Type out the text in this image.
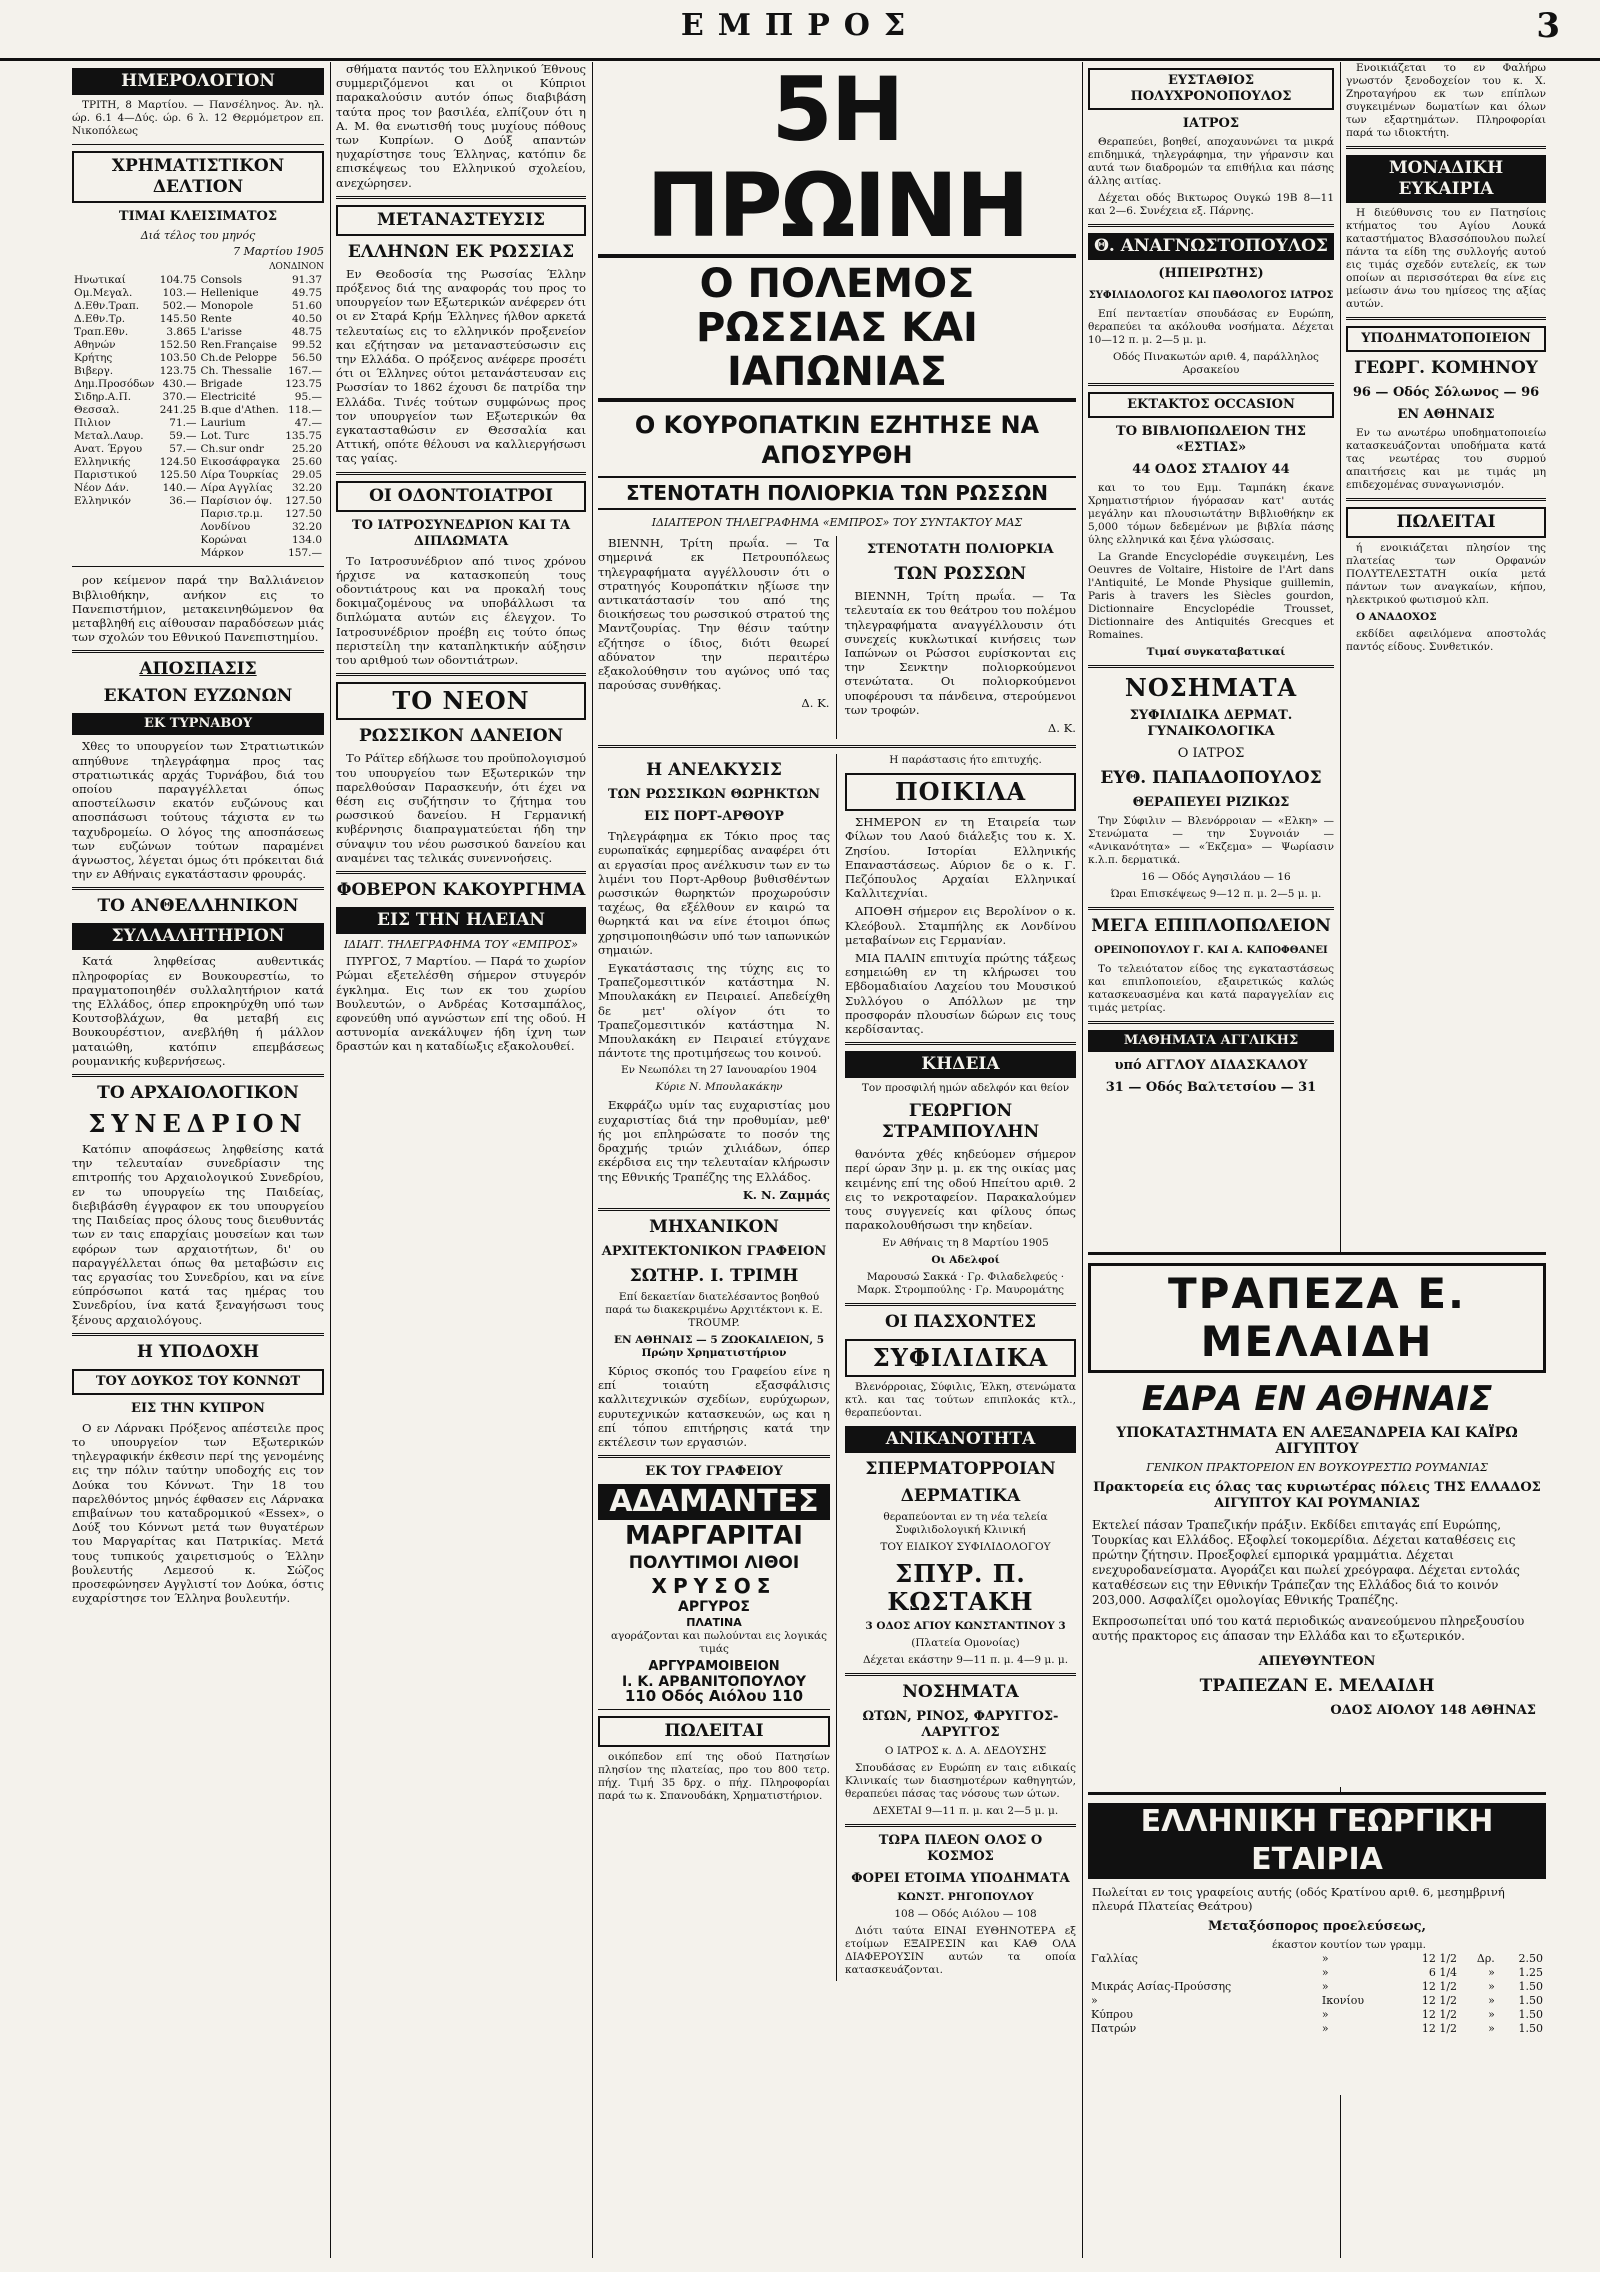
ΕΜΠΡΟΣ	3
ΗΜΕΡΟΛΟΓΙΟΝ

ΤΡΙΤΗ, 8 Μαρτίου. — Πανσέληνος. Άν. ηλ. ώρ. 6.1 4—Δύς. ώρ. 6 λ. 12 Θερμόμετρον επ. Νικοπόλεως

ΧΡΗΜΑΤΙΣΤΙΚΟΝ ΔΕΛΤΙΟΝ
ΤΙΜΑΙ ΚΛΕΙΣΙΜΑΤΟΣ
Διά τέλος του μηνός
7 Μαρτίου 1905
ΛΟΝΔΙΝΟΝ
Ηνωτικαί	104.75	Consols	91.37
Ομ.Μεγαλ.	103.—	Hellenique	49.75
Δ.Εθν.Τραπ.	502.—	Monopole	51.60
Δ.Εθν.Τρ.	145.50	Rente	40.50
Τραπ.Εθν.	3.865	L'arisse	48.75
Αθηνών	152.50	Ren.Française	99.52
Κρήτης	103.50	Ch.de Peloppe	56.50
Βιβεργ.	123.75	Ch. Thessalie	167.—
Δημ.Προσόδων	430.—	Brigade	123.75
Σιδηρ.Α.Π.	370.—	Electricité	95.—
Θεσσαλ.	241.25	B.que d'Athen.	118.—
Πιλιον	71.—	Laurium	47.—
Μεταλ.Λαυρ.	59.—	Lot. Turc	135.75
Ανατ. Έργου	57.—	Ch.sur ondr	25.20
Ελληνικής	124.50	Εικοσάφραγκα	25.60
Παριστικού	125.50	Λίρα Τουρκίας	29.05
Νέον Δάν.	140.—	Λίρα Αγγλίας	32.20
Ελληνικόν	36.—	Παρίσιον όψ.	127.50
		Παρισ.τρ.μ.	127.50
		Λονδίνου	32.20
		Κορώναι	134.0
		Μάρκον	157.—

ρον κείμενον παρά την Βαλλιάνειον Βιβλιοθήκην, ανήκον εις το Πανεπιστήμιον, μετακεινηθώμενον θα μεταβληθή εις αίθουσαν παραδόσεων μιάς των σχολών του Εθνικού Πανεπιστημίου.

ΑΠΟΣΠΑΣΙΣ
ΕΚΑΤΟΝ ΕΥΖΩΝΩΝ
ΕΚ ΤΥΡΝΑΒΟΥ

Χθες το υπουργείον των Στρατιωτικών απηύθυνε τηλεγράφημα προς τας στρατιωτικάς αρχάς Τυρνάβου, διά του οποίου παραγγέλλεται όπως αποστείλωσιν εκατόν ευζώνους και αποσπάσωσι τούτους τάχιστα εν τω ταχυδρομείω. Ο λόγος της αποσπάσεως των ευζώνων τούτων παραμένει άγνωστος, λέγεται όμως ότι πρόκειται διά την εν Αθήναις εγκατάστασιν φρουράς.

ΤΟ ΑΝΘΕΛΛΗΝΙΚΟΝ
ΣΥΛΛΑΛΗΤΗΡΙΟΝ

Κατά ληφθείσας αυθεντικάς πληροφορίας εν Βουκουρεστίω, το πραγματοποιηθέν συλλαλητήριον κατά της Ελλάδος, όπερ επροκηρύχθη υπό των Κουτσοβλάχων, θα μεταβή εις Βουκουρέστιον, ανεβλήθη ή μάλλον ματαιώθη, κατόπιν επεμβάσεως ρουμανικής κυβερνήσεως.

ΤΟ ΑΡΧΑΙΟΛΟΓΙΚΟΝ
ΣΥΝΕΔΡΙΟΝ

Κατόπιν αποφάσεως ληφθείσης κατά την τελευταίαν συνεδρίασιν της επιτροπής του Αρχαιολογικού Συνεδρίου, εν τω υπουργείω της Παιδείας, διεβιβάσθη έγγραφον εκ του υπουργείου της Παιδείας προς όλους τους διευθυντάς των εν ταις επαρχίαις μουσείων και των εφόρων των αρχαιοτήτων, δι' ου παραγγέλλεται όπως θα μεταβώσιν εις τας εργασίας του Συνεδρίου, και να είνε εύπρόσωποι κατά τας ημέρας του Συνεδρίου, ίνα κατά ξεναγήσωσι τους ξένους αρχαιολόγους.

Η ΥΠΟΔΟΧΗ
ΤΟΥ ΔΟΥΚΟΣ ΤΟΥ ΚΟΝΝΩΤ
ΕΙΣ ΤΗΝ ΚΥΠΡΟΝ

Ο εν Λάρνακι Πρόξενος απέστειλε προς το υπουργείον των Εξωτερικών τηλεγραφικήν έκθεσιν περί της γενομένης εις την πόλιν ταύτην υποδοχής εις τον Δούκα του Κόννωτ. Την 18 του παρελθόντος μηνός έφθασεν εις Λάρνακα επιβαίνων του καταδρομικού «Essex», ο Δούξ του Κόννωτ μετά των θυγατέρων του Μαργαρίτας και Πατρικίας. Μετά τους τυπικούς χαιρετισμούς ο Έλλην βουλευτής Λεμεσού κ. Σώζος προσεφώνησεν Αγγλιστί τον Δούκα, όστις ευχαρίστησε τον Έλληνα βουλευτήν.

σθήματα παντός του Ελληνικού Έθνους συμμεριζόμενοι και οι Κύπριοι παρακαλούσιν αυτόν όπως διαβιβάση ταύτα προς τον βασιλέα, ελπίζουν ότι η Α. Μ. θα ενωτισθή τους μυχίους πόθους των Κυπρίων. Ο Δούξ απαντών ηυχαρίστησε τους Έλληνας, κατόπιν δε επισκέψεως του Ελληνικού σχολείου, ανεχώρησεν.

ΜΕΤΑΝΑΣΤΕΥΣΙΣ
ΕΛΛΗΝΩΝ ΕΚ ΡΩΣΣΙΑΣ

Εν Θεοδοσία της Ρωσσίας Έλλην πρόξενος διά της αναφοράς του προς το υπουργείον των Εξωτερικών ανέφερεν ότι οι εν Σταρά Κρήμ Έλληνες ήλθον αρκετά τελευταίως εις το ελληνικόν προξενείον και εζήτησαν να μεταναστεύσωσιν εις την Ελλάδα. Ο πρόξενος ανέφερε προσέτι ότι οι Έλληνες ούτοι μετανάστευσαν εις Ρωσσίαν το 1862 έχουσι δε πατρίδα την Ελλάδα. Τινές τούτων συμφώνως προς τον υπουργείον των Εξωτερικών θα εγκατασταθώσιν εν Θεσσαλία και Αττική, οπότε θέλουσι να καλλιεργήσωσι τας γαίας.

ΟΙ ΟΔΟΝΤΟΙΑΤΡΟΙ
ΤΟ ΙΑΤΡΟΣΥΝΕΔΡΙΟΝ ΚΑΙ ΤΑ ΔΙΠΛΩΜΑΤΑ

Το Ιατροσυνέδριον από τινος χρόνου ήρχισε να κατασκοπεύη τους οδοντιάτρους και να προκαλή τους δοκιμαζομένους να υποβάλλωσι τα διπλώματα αυτών εις έλεγχον. Το Ιατροσυνέδριον προέβη εις τούτο όπως περιστείλη την καταπληκτικήν αύξησιν του αριθμού των οδοντιάτρων.

ΤΟ ΝΕΟΝ
ΡΩΣΣΙΚΟΝ ΔΑΝΕΙΟΝ

Το Ράϊτερ εδήλωσε του προϋπολογισμού του υπουργείου των Εξωτερικών την παρελθούσαν Παρασκευήν, ότι έχει να θέση εις συζήτησιν το ζήτημα του ρωσσικού δανείου. Η Γερμανική κυβέρνησις διαπραγματεύεται ήδη την σύναψιν του νέου ρωσσικού δανείου και αναμένει τας τελικάς συνεννοήσεις.

ΦΟΒΕΡΟΝ ΚΑΚΟΥΡΓΗΜΑ
ΕΙΣ ΤΗΝ ΗΛΕΙΑΝ
ΙΔΙΑΙΤ. ΤΗΛΕΓΡΑΦΗΜΑ ΤΟΥ «ΕΜΠΡΟΣ»

ΠΥΡΓΟΣ, 7 Μαρτίου. — Παρά το χωρίον Ρώμαι εξετελέσθη σήμερον στυγερόν έγκλημα. Εις των εκ του χωρίου Βουλευτών, ο Ανδρέας Κοτσαμπάλος, εφονεύθη υπό αγνώστων επί της οδού. Η αστυνομία ανεκάλυψεν ήδη ίχνη των δραστών και η καταδίωξις εξακολουθεί.

5Η ΠΡΩΙΝΗ
Ο ΠΟΛΕΜΟΣ ΡΩΣΣΙΑΣ ΚΑΙ ΙΑΠΩΝΙΑΣ
Ο ΚΟΥΡΟΠΑΤΚΙΝ ΕΖΗΤΗΣΕ ΝΑ ΑΠΟΣΥΡΘΗ
ΣΤΕΝΟΤΑΤΗ ΠΟΛΙΟΡΚΙΑ ΤΩΝ ΡΩΣΣΩΝ
ΙΔΙΑΙΤΕΡΟΝ ΤΗΛΕΓΡΑΦΗΜΑ «ΕΜΠΡΟΣ» ΤΟΥ ΣΥΝΤΑΚΤΟΥ ΜΑΣ

ΒΙΕΝΝΗ, Τρίτη πρωΐα. — Τα σημερινά εκ Πετρουπόλεως τηλεγραφήματα αγγέλλουσιν ότι ο στρατηγός Κουροπάτκιν ηξίωσε την αντικατάστασίν του από της διοικήσεως του ρωσσικού στρατού της Μαντζουρίας. Την θέσιν ταύτην εζήτησε ο ίδιος, διότι θεωρεί αδύνατον την περαιτέρω εξακολούθησιν του αγώνος υπό τας παρούσας συνθήκας.

Δ. Κ.

ΣΤΕΝΟΤΑΤΗ ΠΟΛΙΟΡΚΙΑ
ΤΩΝ ΡΩΣΣΩΝ

ΒΙΕΝΝΗ, Τρίτη πρωΐα. — Τα τελευταία εκ του θεάτρου του πολέμου τηλεγραφήματα αναγγέλλουσιν ότι συνεχείς κυκλωτικαί κινήσεις των Ιαπώνων οι Ρώσσοι ευρίσκονται εις την Σενκτην πολιορκούμενοι στενώτατα. Οι πολιορκούμενοι υποφέρουσι τα πάνδεινα, στερούμενοι των τροφών.

Δ. Κ.

Η ΑΝΕΛΚΥΣΙΣ
ΤΩΝ ΡΩΣΣΙΚΩΝ ΘΩΡΗΚΤΩΝ
ΕΙΣ ΠΟΡΤ-ΑΡΘΟΥΡ

Τηλεγράφημα εκ Τόκιο προς τας ευρωπαϊκάς εφημερίδας αναφέρει ότι αι εργασίαι προς ανέλκυσιν των εν τω λιμένι του Πορτ-Αρθουρ βυθισθέντων ρωσσικών θωρηκτών προχωρούσιν ταχέως, θα εξέλθουν εν καιρώ τα θωρηκτά και να είνε έτοιμοι όπως χρησιμοποιηθώσιν υπό των ιαπωνικών σημαιών.

Εγκατάστασις της τύχης εις το Τραπεζομεσιτικόν κατάστημα Ν. Μπουλακάκη εν Πειραιεί. Απεδείχθη δε μετ' ολίγον ότι το Τραπεζομεσιτικόν κατάστημα Ν. Μπουλακάκη εν Πειραιεί ετύγχανε πάντοτε της προτιμήσεως του κοινού.

Εν Νεωπόλει τη 27 Ιανουαρίου 1904

Κύριε Ν. Μπουλακάκην

Εκφράζω υμίν τας ευχαριστίας μου ευχαριστίας διά την προθυμίαν, μεθ' ής μοι επληρώσατε το ποσόν της δραχμής τριών χιλιάδων, όπερ εκέρδισα εις την τελευταίαν κλήρωσιν της Εθνικής Τραπέζης της Ελλάδος.

Κ. Ν. Ζαμμάς

ΜΗΧΑΝΙΚΟΝ
ΑΡΧΙΤΕΚΤΟΝΙΚΟΝ ΓΡΑΦΕΙΟΝ
ΣΩΤΗΡ. Ι. ΤΡΙΜΗ

Επί δεκαετίαν διατελέσαντος βοηθού παρά τω διακεκριμένω Αρχιτέκτονι κ. Ε. TROUMP.

ΕΝ ΑΘΗΝΑΙΣ — 5 ΖΩΟΚΑΙΛΕΙΟΝ, 5 Πρώην Χρηματιστήριον

Κύριος σκοπός του Γραφείου είνε η επί τοιαύτη εξασφάλισις καλλιτεχνικών σχεδίων, ευρύχωρων, ευρυτεχνικών κατασκευών, ως και η επί τόπου επιτήρησις κατά την εκτέλεσιν των εργασιών.

ΕΚ ΤΟΥ ΓΡΑΦΕΙΟΥ
ΑΔΑΜΑΝΤΕΣ
ΜΑΡΓΑΡΙΤΑΙ
ΠΟΛΥΤΙΜΟΙ ΛΙΘΟΙ
ΧΡΥΣΟΣ
ΑΡΓΥΡΟΣ
ΠΛΑΤΙΝΑ

αγοράζονται και πωλούνται εις λογικάς τιμάς

ΑΡΓΥΡΑΜΟΙΒΕΙΟΝ
Ι. Κ. ΑΡΒΑΝΙΤΟΠΟΥΛΟΥ
110 Οδός Αιόλου 110
ΠΩΛΕΙΤΑΙ

οικόπεδον επί της οδού Πατησίων πλησίον της πλατείας, προ του 800 τετρ. πήχ. Τιμή 35 δρχ. ο πήχ. Πληροφορίαι παρά τω κ. Σπανουδάκη, Χρηματιστήριον.

Η παράστασις ήτο επιτυχής.

ΠΟΙΚΙΛΑ

ΣΗΜΕΡΟΝ εν τη Εταιρεία των Φίλων του Λαού διάλεξις του κ. Χ. Ζησίου. Ιστορίαι Ελληνικής Επαναστάσεως. Αύριον δε ο κ. Γ. Πεζόπουλος Αρχαίαι Ελληνικαί Καλλιτεχνίαι.

ΑΠΟΘΗ σήμερον εις Βερολίνον ο κ. Κλεόβουλ. Σταμπήλης εκ Λονδίνου μεταβαίνων εις Γερμανίαν.

ΜΙΑ ΠΑΛΙΝ επιτυχία πρώτης τάξεως εσημειώθη εν τη κλήρωσει του Εβδομαδιαίου Λαχείου του Μουσικού Συλλόγου ο Απόλλων με την προσφοράν πλουσίων δώρων εις τους κερδίσαντας.

ΚΗΔΕΙΑ

Τον προσφιλή ημών αδελφόν και θείον

ΓΕΩΡΓΙΟΝ ΣΤΡΑΜΠΟΥΛΗΝ

θανόντα χθές κηδεύομεν σήμερον περί ώραν 3ην μ. μ. εκ της οικίας μας κειμένης επί της οδού Ηπείτου αριθ. 2 εις το νεκροταφείον. Παρακαλούμεν τους συγγενείς και φίλους όπως παρακολουθήσωσι την κηδείαν.

Εν Αθήναις τη 8 Μαρτίου 1905

Οι Αδελφοί

Μαρουσώ Σακκά · Γρ. Φιλαδελφεύς · Μαρκ. Στρομπούλης · Γρ. Μαυρομάτης

ΟΙ ΠΑΣΧΟΝΤΕΣ
ΣΥΦΙΛΙΔΙΚΑ

Βλενόρροιας, Σύφιλις, Έλκη, στενώματα κτλ. και τας τούτων επιπλοκάς κτλ., θεραπεύονται.

ΑΝΙΚΑΝΟΤΗΤΑ
ΣΠΕΡΜΑΤΟΡΡΟΙΑΝ
ΔΕΡΜΑΤΙΚΑ

θεραπεύονται εν τη νέα τελεία Συφιλιδολογική Κλινική

ΤΟΥ ΕΙΔΙΚΟΥ ΣΥΦΙΛΙΔΟΛΟΓΟΥ

ΣΠΥΡ. Π. ΚΩΣΤΑΚΗ

3 ΟΔΟΣ ΑΓΙΟΥ ΚΩΝΣΤΑΝΤΙΝΟΥ 3

(Πλατεία Ομονοίας)

Δέχεται εκάστην 9—11 π. μ. 4—9 μ. μ.

ΝΟΣΗΜΑΤΑ
ΩΤΩΝ, ΡΙΝΟΣ, ΦΑΡΥΓΓΟΣ-ΛΑΡΥΓΓΟΣ

Ο ΙΑΤΡΟΣ κ. Δ. Α. ΔΕΔΟΥΣΗΣ

Σπουδάσας εν Ευρώπη εν ταις ειδικαίς Κλινικαίς των διασημοτέρων καθηγητών, θεραπεύει πάσας τας νόσους των ώτων.

ΔΕΧΕΤΑΙ 9—11 π. μ. και 2—5 μ. μ.

ΤΩΡΑ ΠΛΕΟΝ ΟΛΟΣ Ο ΚΟΣΜΟΣ
ΦΟΡΕΙ ΕΤΟΙΜΑ ΥΠΟΔΗΜΑΤΑ

ΚΩΝΣΤ. ΡΗΓΟΠΟΥΛΟΥ

108 — Οδός Αιόλου — 108

Διότι ταύτα ΕΙΝΑΙ ΕΥΘΗΝΟΤΕΡΑ εξ ετοίμων ΕΞΑΙΡΕΣΙΝ και ΚΑΘ ΟΛΑ ΔΙΑΦΕΡΟΥΣΙΝ αυτών τα οποία κατασκευάζονται.

ΕΥΣΤΑΘΙΟΣ ΠΟΛΥΧΡΟΝΟΠΟΥΛΟΣ
ΙΑΤΡΟΣ

Θεραπεύει, βοηθεί, αποχαυνώνει τα μικρά επιδημικά, τηλεγράφημα, την γήρανσιν και αυτά των διαδρομών τα επιθήλια και πάσης άλλης αιτίας.

Δέχεται οδός Βικτωρος Ουγκώ 19Β 8—11 και 2—6. Συνέχεια εξ. Πάρνης.

Θ. ΑΝΑΓΝΩΣΤΟΠΟΥΛΟΣ
(ΗΠΕΙΡΩΤΗΣ)
ΣΥΦΙΛΙΔΟΛΟΓΟΣ ΚΑΙ ΠΑΘΟΛΟΓΟΣ ΙΑΤΡΟΣ

Επί πενταετίαν σπουδάσας εν Ευρώπη, θεραπεύει τα ακόλουθα νοσήματα. Δέχεται 10—12 π. μ. 2—5 μ. μ.

Οδός Πινακωτών αριθ. 4, παράλληλος Αρσακείου

ΕΚΤΑΚΤΟΣ OCCASION
ΤΟ ΒΙΒΛΙΟΠΩΛΕΙΟΝ ΤΗΣ «ΕΣΤΙΑΣ»
44 ΟΔΟΣ ΣΤΑΔΙΟΥ 44

και το του Εμμ. Ταμπάκη έκανε Χρηματιστήριον ήγόρασαν κατ' αυτάς μεγάλην και πλουσιωτάτην Βιβλιοθήκην εκ 5,000 τόμων δεδεμένων με βιβλία πάσης ύλης ελληνικά και ξένα γλώσσαις.

La Grande Encyclopédie συγκειμένη, Les Oeuvres de Voltaire, Histoire de l'Art dans l'Antiquité, Le Monde Physique guillemin, Paris à travers les Siècles gourdon, Dictionnaire Encyclopédie Trousset, Dictionnaire des Antiquités Grecques et Romaines.

Τιμαί συγκαταβατικαί

ΝΟΣΗΜΑΤΑ
ΣΥΦΙΛΙΔΙΚΑ ΔΕΡΜΑΤ. ΓΥΝΑΙΚΟΛΟΓΙΚΑ
Ο ΙΑΤΡΟΣ
ΕΥΘ. ΠΑΠΑΔΟΠΟΥΛΟΣ
ΘΕΡΑΠΕΥΕΙ ΡΙΖΙΚΩΣ

Την Σύφιλιν — Βλενόρροιαν — «Ελκη» — Στενώματα — την Συγνοιάν — «Ανικανότητα» — «Έκζεμα» — Ψωρίασιν κ.λ.π. δερματικά.

16 — Οδός Αγησιλάου — 16

Ώραι Επισκέψεως 9—12 π. μ. 2—5 μ. μ.

ΜΕΓΑ ΕΠΙΠΛΟΠΩΛΕΙΟΝ
ΟΡΕΙΝΟΠΟΥΛΟΥ Γ. ΚΑΙ Α. ΚΑΠΟΦΘΑΝΕΙ

Το τελειότατον είδος της εγκαταστάσεως και επιπλοποιείου, εξαιρετικώς καλώς κατασκευασμένα και κατά παραγγελίαν εις τιμάς μετρίας.

ΜΑΘΗΜΑΤΑ ΑΓΓΛΙΚΗΣ
υπό ΑΓΓΛΟΥ ΔΙΔΑΣΚΑΛΟΥ
31 — Οδός Βαλτετσίου — 31

Ενοικιάζεται το εν Φαλήρω γνωστόν ξενοδοχείον του κ. Χ. Ζηροταγήρου εκ των επίπλων συγκειμένων δωματίων και όλων των εξαρτημάτων. Πληροφορίαι παρά τω ιδιοκτήτη.

ΜΟΝΑΔΙΚΗ ΕΥΚΑΙΡΙΑ

Η διεύθυνσις του εν Πατησίοις κτήματος του Αγίου Λουκά καταστήματος Βλασσόπουλου πωλεί πάντα τα είδη της συλλογής αυτού εις τιμάς σχεδόν ευτελείς, εκ των οποίων αι περισσότεραι θα είνε εις μείωσιν άνω του ημίσεος της αξίας αυτών.

ΥΠΟΔΗΜΑΤΟΠΟΙΕΙΟΝ
ΓΕΩΡΓ. ΚΟΜΗΝΟΥ
96 — Οδός Σόλωνος — 96
ΕΝ ΑΘΗΝΑΙΣ

Εν τω ανωτέρω υποδηματοποιείω κατασκευάζονται υποδήματα κατά τας νεωτέρας του συρμού απαιτήσεις και με τιμάς μη επιδεχομένας συναγωνισμόν.

ΠΩΛΕΙΤΑΙ

ή ενοικιάζεται πλησίον της πλατείας των Ορφανών ΠΟΛΥΤΕΛΕΣΤΑΤΗ οικία μετά πάντων των αναγκαίων, κήπου, ηλεκτρικού φωτισμού κλπ.

Ο ΑΝΑΔΟΧΟΣ

εκδίδει αφειλόμενα αποστολάς παντός είδους. Συνθετικόν.

ΤΡΑΠΕΖΑ Ε. ΜΕΛΑΙΔΗ
ΕΔΡΑ ΕΝ ΑΘΗΝΑΙΣ
ΥΠΟΚΑΤΑΣΤΗΜΑΤΑ ΕΝ ΑΛΕΞΑΝΔΡΕΙΑ ΚΑΙ ΚΑΪΡΩ ΑΙΓΥΠΤΟΥ
ΓΕΝΙΚΟΝ ΠΡΑΚΤΟΡΕΙΟΝ ΕΝ ΒΟΥΚΟΥΡΕΣΤΙΩ ΡΟΥΜΑΝΙΑΣ
Πρακτορεία εις όλας τας κυριωτέρας πόλεις ΤΗΣ ΕΛΛΑΔΟΣ ΑΙΓΥΠΤΟΥ ΚΑΙ ΡΟΥΜΑΝΙΑΣ

Εκτελεί πάσαν Τραπεζικήν πράξιν. Εκδίδει επιταγάς επί Ευρώπης, Τουρκίας και Ελλάδος. Εξοφλεί τοκομερίδια. Δέχεται καταθέσεις εις πρώτην ζήτησιν. Προεξοφλεί εμπορικά γραμμάτια. Δέχεται ενεχυροδανείσματα. Αγοράζει και πωλεί χρεόγραφα. Δέχεται εντολάς καταθέσεων εις την Εθνικήν Τράπεζαν της Ελλάδος διά το κοινόν 203,000. Ασφαλίζει ομολογίας Εθνικής Τραπέζης.

Εκπροσωπείται υπό του κατά περιοδικώς ανανεούμενου πληρεξουσίου αυτής πρακτορος εις άπασαν την Ελλάδα και το εξωτερικόν.

ΑΠΕΥΘΥΝΤΕΟΝ
ΤΡΑΠΕΖΑΝ Ε. ΜΕΛΑΙΔΗ
ΟΔΟΣ ΑΙΟΛΟΥ 148 ΑΘΗΝΑΣ
ΕΛΛΗΝΙΚΗ ΓΕΩΡΓΙΚΗ ΕΤΑΙΡΙΑ

Πωλείται εν τοις γραφείοις αυτής (οδός Κρατίνου αριθ. 6, μεσημβρινή πλευρά Πλατείας Θεάτρου)

Μεταξόσπορος προελεύσεως,
έκαστον κουτίον των γραμμ.
Γαλλίας	»	12 1/2	Δρ.	2.50
	»	6 1/4	»	1.25
Μικράς Ασίας-Προύσσης	»	12 1/2	»	1.50
»	Ικονίου	12 1/2	»	1.50
Κύπρου	»	12 1/2	»	1.50
Πατρών	»	12 1/2	»	1.50
